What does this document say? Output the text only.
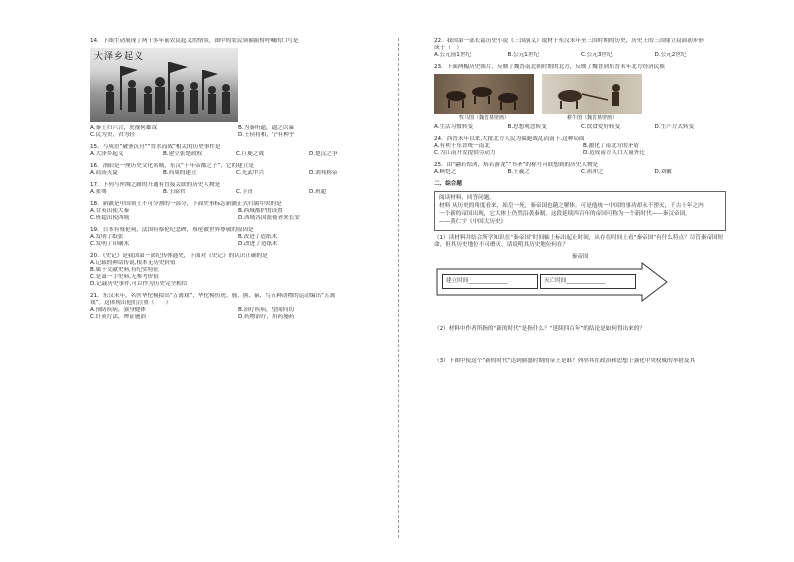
14．下图生动展现了两千多年前农民起义的情景，图中的农民领袖振臂呼喊的口号是
大泽乡起义
A.秦王扫六合，虎视何雄哉	B.为秦所逼，逼之以暴
C.民为贵，君为轻	D.王侯将相，宁有种乎
15．与成语“破釜沉舟”“背水而战”相关的历史事件是
A.大泽乡起义	B.建立张楚政权	C.巨鹿之战	D.楚汉之争
16．洛阳是一座历史文化名城，东汉“千年帝都之子”，它的建立是
A.商汤灭夏	B.西周的建立	C.光武中兴	D.刘邦称帝
17．下列与丝绸之路的开通有直接关联的历史人物是
A.张骞	B.王昭君	C.卫青	D.班超
18．新疆是中国领土不可分割的一部分，下面史事标志新疆正式归属中央的是
A.甘英出使大秦	B.西域都护的设置
C.班超出使西域	D.西域各国派使者来长安
19．日本有蔡伦祠，法国有蔡伦纪念碑，蔡伦被世界尊敬的原因是
A.发明了纸张	B.改进了造纸术
C.发明了印刷术	D.改进了造纸术
20．《史记》是我国第一部纪传体通史，下面对《史记》的认识正确的是
A.记载的神话传说,根本无历史价值
B.属于文献史料,有纪实特征
C.是第一手史料,无参考价值
D.记载历史事件,可以作为历史完全相信
21．东汉末年，名医华佗模拟出“五禽戏”，华佗模仿虎、鹿、熊、猿、鸟五种动物的运动编出“五禽
戏”。这体现出他们注重（　　）
A.预防疾病，强身健体	B.治疗疾病，望闻问切
C.针灸疗法，辨证施治	D.药物治疗，用药施药
22．我国第一部长篇历史小说《三国演义》取材于东汉末年至三国时期的历史，历史上的三国鼎立局面初步形
成于（　）
A.公元前1世纪	B.公元1世纪	C.公元3世纪	D.公元2世纪
23．下面两幅历史图片，反映了魏晋南北朝时期的北方，反映了魏晋到东晋末年北方经济民族
牧马图（魏晋墓壁画）	耕牛图（魏晋墓壁画）
A.生活习惯转变	B.思想观念转变	C.饮食爱好转变	D.生产方式转变
24．西晋末年以来,大批北方人民为躲避战乱而南下,这种局面
A.有利于东晋统一南北	B.激化了南北方的矛盾
C.为江南开发提供劳动力	D.造成南方人口大量外迁
25．由“翩若惊鸿，矫若游龙”“书圣”的称号可联想到的历史人物是
A.顾恺之	B.王羲之	C.祖冲之	D.刘徽
二、综合题

阅读材料，回答问题。

材料 从历史的角度看来，始皇一死，秦帝国也随之解体。可是他统一中国的事功却永不湮灭，千古十年之内

一个新的帝国出现，它大体上仍然沿袭秦制。这段延续四百年的帝国可称为一个新时代——秦汉帝国。

——黄仁宇《中国大历史》

（1）读材料并结合所学知识在“秦帝国”时间轴上标出起止时间，从存在时间上看“秦帝国”有什么特点？尽管秦帝国短命，但其历史地位不可磨灭，请说明其历史地位何在？
秦帝国
建立时间______________	灭亡时间______________
（2）材料中作者所指的“新的时代”是指什么？“延续四百年”的结论是如何得出来的？
（3）下图中使这个“新的时代”达到鼎盛时期的帝王是谁？列举其在政治和思想上强化中央权威的举措及其
